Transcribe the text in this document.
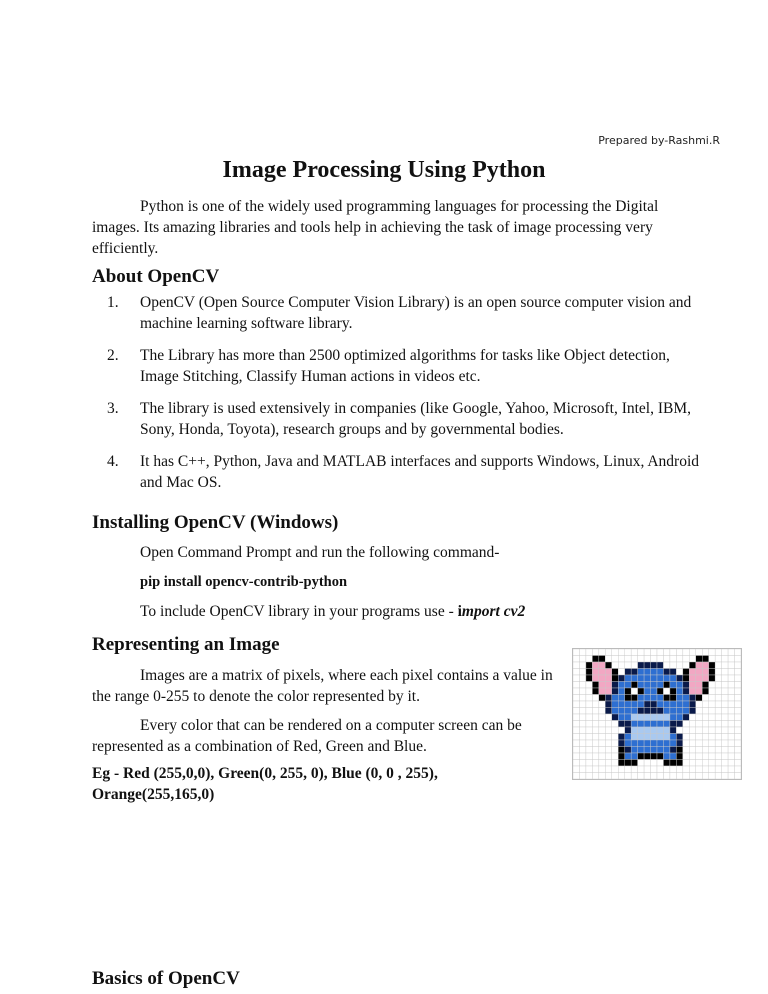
Prepared by-Rashmi.R
Image Processing Using Python

Python is one of the widely used programming languages for processing the Digital images. Its amazing libraries and tools help in achieving the task of image processing very efficiently.

About OpenCV
1. OpenCV (Open Source Computer Vision Library) is an open source computer vision and machine learning software library.
2. The Library has more than 2500 optimized algorithms for tasks like Object detection, Image Stitching, Classify Human actions in videos etc.
3. The library is used extensively in companies (like Google, Yahoo, Microsoft, Intel, IBM, Sony, Honda, Toyota), research groups and by governmental bodies.
4. It has C++, Python, Java and MATLAB interfaces and supports Windows, Linux, Android and Mac OS.
Installing OpenCV (Windows)

Open Command Prompt and run the following command-

pip install opencv-contrib-python

To include OpenCV library in your programs use - import cv2

Representing an Image

Images are a matrix of pixels, where each pixel contains a value in the range 0-255 to denote the color represented by it.

Every color that can be rendered on a computer screen can be represented as a combination of Red, Green and Blue.

Eg - Red (255,0,0), Green(0, 255, 0), Blue (0, 0 , 255), Orange(255,165,0)

Basics of OpenCV
